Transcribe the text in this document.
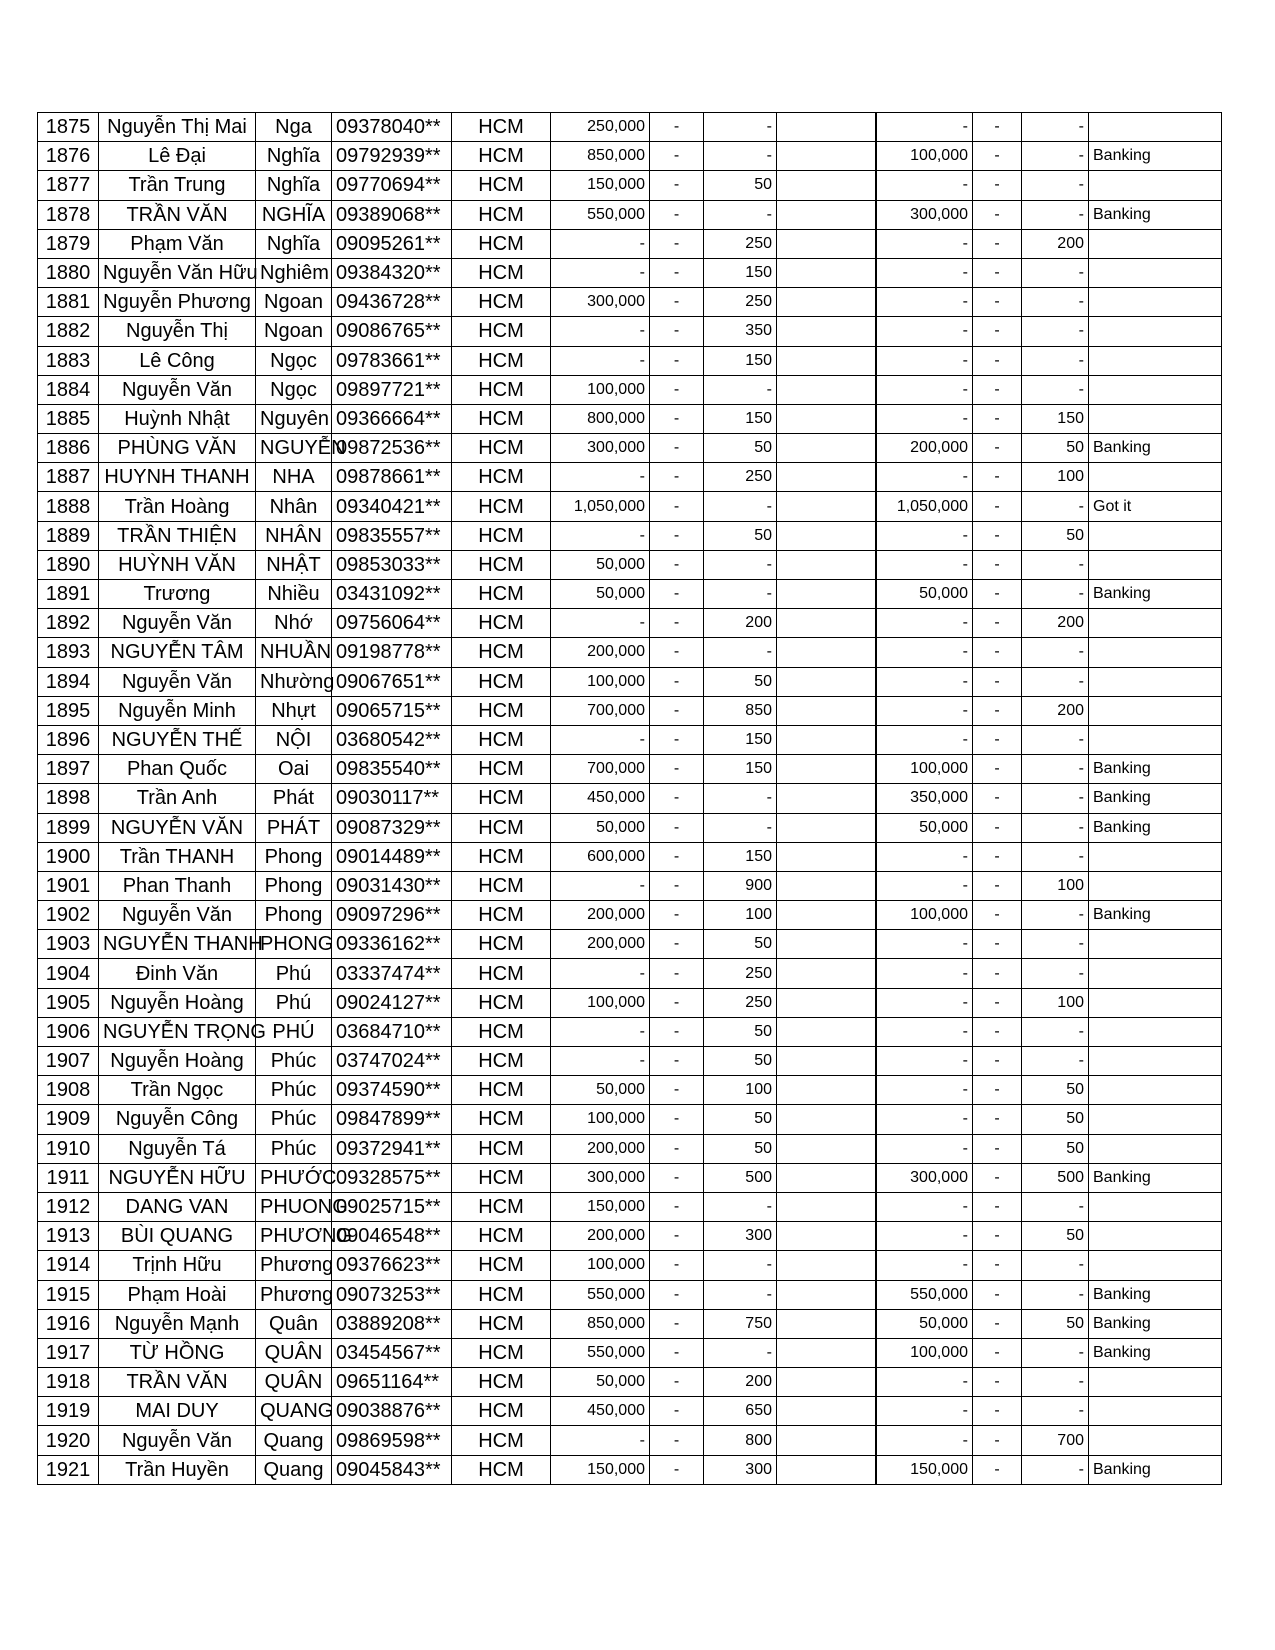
1875	Nguyễn Thị Mai	Nga	09378040**	HCM	250,000	-	-		-	-	-	
1876	Lê Đại	Nghĩa	09792939**	HCM	850,000	-	-		100,000	-	-	Banking
1877	Trần Trung	Nghĩa	09770694**	HCM	150,000	-	50		-	-	-	
1878	TRẦN VĂN	NGHĨA	09389068**	HCM	550,000	-	-		300,000	-	-	Banking
1879	Phạm Văn	Nghĩa	09095261**	HCM	-	-	250		-	-	200	
1880	Nguyễn Văn Hữu	Nghiêm	09384320**	HCM	-	-	150		-	-	-	
1881	Nguyễn Phương	Ngoan	09436728**	HCM	300,000	-	250		-	-	-	
1882	Nguyễn Thị	Ngoan	09086765**	HCM	-	-	350		-	-	-	
1883	Lê Công	Ngọc	09783661**	HCM	-	-	150		-	-	-	
1884	Nguyễn Văn	Ngọc	09897721**	HCM	100,000	-	-		-	-	-	
1885	Huỳnh Nhật	Nguyên	09366664**	HCM	800,000	-	150		-	-	150	
1886	PHÙNG VĂN	NGUYỄN	09872536**	HCM	300,000	-	50		200,000	-	50	Banking
1887	HUYNH THANH	NHA	09878661**	HCM	-	-	250		-	-	100	
1888	Trần Hoàng	Nhân	09340421**	HCM	1,050,000	-	-		1,050,000	-	-	Got it
1889	TRẦN THIỆN	NHÂN	09835557**	HCM	-	-	50		-	-	50	
1890	HUỲNH VĂN	NHẬT	09853033**	HCM	50,000	-	-		-	-	-	
1891	Trương	Nhiều	03431092**	HCM	50,000	-	-		50,000	-	-	Banking
1892	Nguyễn Văn	Nhớ	09756064**	HCM	-	-	200		-	-	200	
1893	NGUYỄN TÂM	NHUẦN	09198778**	HCM	200,000	-	-		-	-	-	
1894	Nguyễn Văn	Nhường	09067651**	HCM	100,000	-	50		-	-	-	
1895	Nguyễn Minh	Nhựt	09065715**	HCM	700,000	-	850		-	-	200	
1896	NGUYỄN THẾ	NỘI	03680542**	HCM	-	-	150		-	-	-	
1897	Phan Quốc	Oai	09835540**	HCM	700,000	-	150		100,000	-	-	Banking
1898	Trần Anh	Phát	09030117**	HCM	450,000	-	-		350,000	-	-	Banking
1899	NGUYỄN VĂN	PHÁT	09087329**	HCM	50,000	-	-		50,000	-	-	Banking
1900	Trần THANH	Phong	09014489**	HCM	600,000	-	150		-	-	-	
1901	Phan Thanh	Phong	09031430**	HCM	-	-	900		-	-	100	
1902	Nguyễn Văn	Phong	09097296**	HCM	200,000	-	100		100,000	-	-	Banking
1903	NGUYỄN THANH	PHONG	09336162**	HCM	200,000	-	50		-	-	-	
1904	Đinh Văn	Phú	03337474**	HCM	-	-	250		-	-	-	
1905	Nguyễn Hoàng	Phú	09024127**	HCM	100,000	-	250		-	-	100	
1906	NGUYỄN TRỌNG	PHÚ	03684710**	HCM	-	-	50		-	-	-	
1907	Nguyễn Hoàng	Phúc	03747024**	HCM	-	-	50		-	-	-	
1908	Trần Ngọc	Phúc	09374590**	HCM	50,000	-	100		-	-	50	
1909	Nguyễn Công	Phúc	09847899**	HCM	100,000	-	50		-	-	50	
1910	Nguyễn Tá	Phúc	09372941**	HCM	200,000	-	50		-	-	50	
1911	NGUYỄN HỮU	PHƯỚC	09328575**	HCM	300,000	-	500		300,000	-	500	Banking
1912	DANG VAN	PHUONG	09025715**	HCM	150,000	-	-		-	-	-	
1913	BÙI QUANG	PHƯƠNG	09046548**	HCM	200,000	-	300		-	-	50	
1914	Trịnh Hữu	Phương	09376623**	HCM	100,000	-	-		-	-	-	
1915	Phạm Hoài	Phương	09073253**	HCM	550,000	-	-		550,000	-	-	Banking
1916	Nguyễn Mạnh	Quân	03889208**	HCM	850,000	-	750		50,000	-	50	Banking
1917	TỪ HỒNG	QUÂN	03454567**	HCM	550,000	-	-		100,000	-	-	Banking
1918	TRẦN VĂN	QUÂN	09651164**	HCM	50,000	-	200		-	-	-	
1919	MAI DUY	QUANG	09038876**	HCM	450,000	-	650		-	-	-	
1920	Nguyễn Văn	Quang	09869598**	HCM	-	-	800		-	-	700	
1921	Trần Huyền	Quang	09045843**	HCM	150,000	-	300		150,000	-	-	Banking
